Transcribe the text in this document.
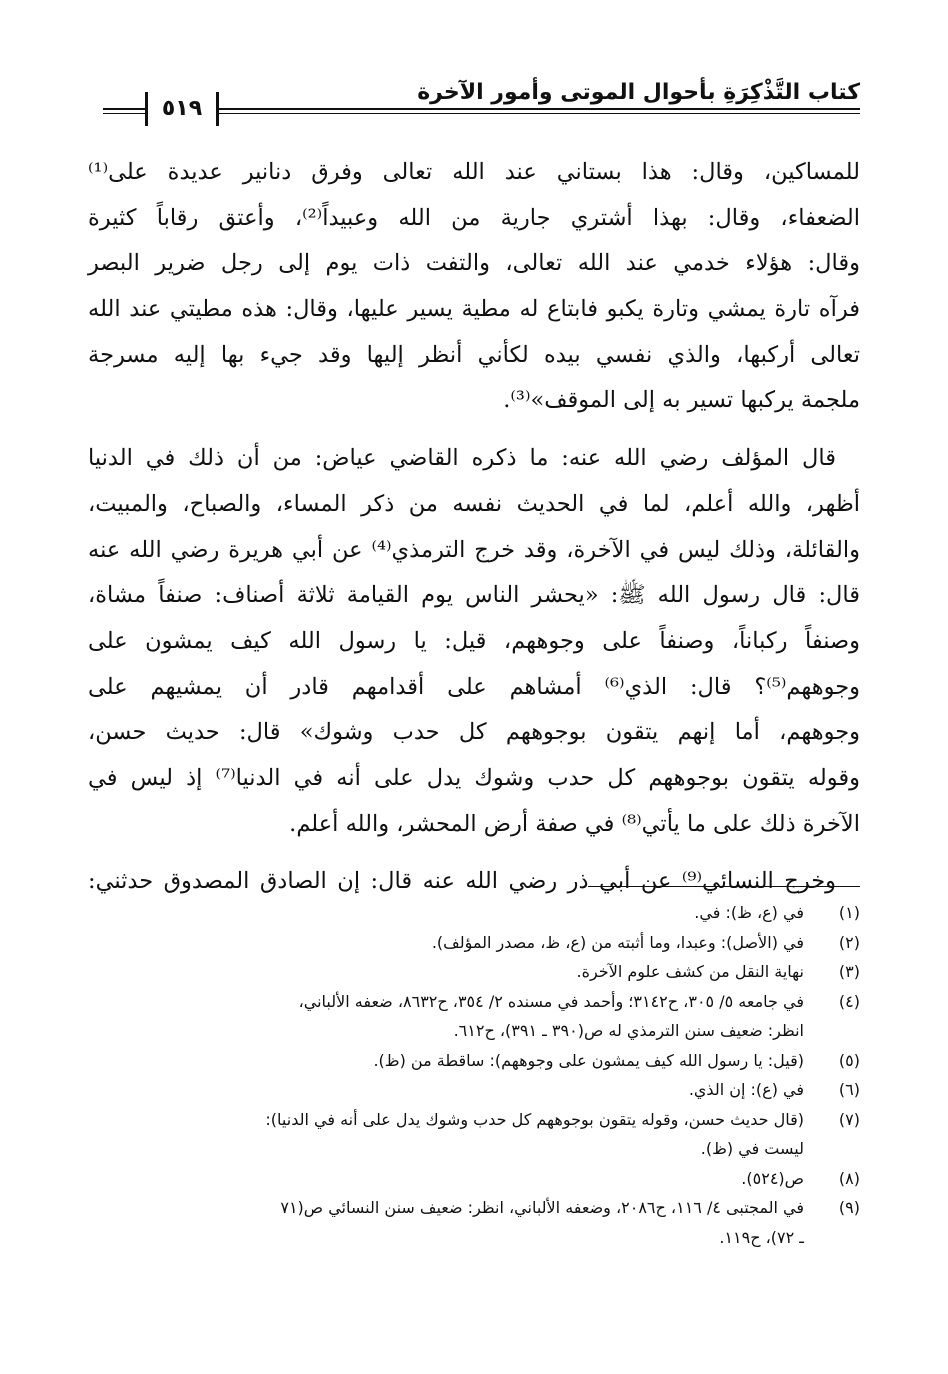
كتاب التَّذْكِرَةِ بأحوال الموتى وأمور الآخرة
٥١٩
للمساكين، وقال: هذا بستاني عند الله تعالى وفرق دنانير عديدة على⁽¹⁾
الضعفاء، وقال: بهذا أشتري جارية من الله وعبيداً⁽²⁾، وأعتق رقاباً كثيرة
وقال: هؤلاء خدمي عند الله تعالى، والتفت ذات يوم إلى رجل ضرير البصر
فرآه تارة يمشي وتارة يكبو فابتاع له مطية يسير عليها، وقال: هذه مطيتي عند الله
تعالى أركبها، والذي نفسي بيده لكأني أنظر إليها وقد جيء بها إليه مسرجة
ملجمة يركبها تسير به إلى الموقف»⁽³⁾.
قال المؤلف رضي الله عنه: ما ذكره القاضي عياض: من أن ذلك في الدنيا
أظهر، والله أعلم، لما في الحديث نفسه من ذكر المساء، والصباح، والمبيت،
والقائلة، وذلك ليس في الآخرة، وقد خرج الترمذي⁽⁴⁾ عن أبي هريرة رضي الله عنه
قال: قال رسول الله ﷺ: «يحشر الناس يوم القيامة ثلاثة أصناف: صنفاً مشاة،
وصنفاً ركباناً، وصنفاً على وجوههم، قيل: يا رسول الله كيف يمشون على
وجوههم⁽⁵⁾؟ قال: الذي⁽⁶⁾ أمشاهم على أقدامهم قادر أن يمشيهم على
وجوههم، أما إنهم يتقون بوجوههم كل حدب وشوك» قال: حديث حسن،
وقوله يتقون بوجوههم كل حدب وشوك يدل على أنه في الدنيا⁽⁷⁾ إذ ليس في
الآخرة ذلك على ما يأتي⁽⁸⁾ في صفة أرض المحشر، والله أعلم.
وخرج النسائي⁽⁹⁾ عن أبي ذر رضي الله عنه قال: إن الصادق المصدوق حدثني:
(١)
في (ع، ظ): في.
(٢)
في (الأصل): وعبدا، وما أثبته من (ع، ظ، مصدر المؤلف).
(٣)
نهاية النقل من كشف علوم الآخرة.
(٤)
في جامعه ٥/ ٣٠٥، ح٣١٤٢؛ وأحمد في مسنده ٢/ ٣٥٤، ح٨٦٣٢، ضعفه الألباني،
انظر: ضعيف سنن الترمذي له ص(٣٩٠ ـ ٣٩١)، ح٦١٢.
(٥)
(قيل: يا رسول الله كيف يمشون على وجوههم): ساقطة من (ظ).
(٦)
في (ع): إن الذي.
(٧)
(قال حديث حسن، وقوله يتقون بوجوههم كل حدب وشوك يدل على أنه في الدنيا):
ليست في (ظ).
(٨)
ص(٥٢٤).
(٩)
في المجتبى ٤/ ١١٦، ح٢٠٨٦، وضعفه الألباني، انظر: ضعيف سنن النسائي ص(٧١
ـ ٧٢)، ح١١٩.
